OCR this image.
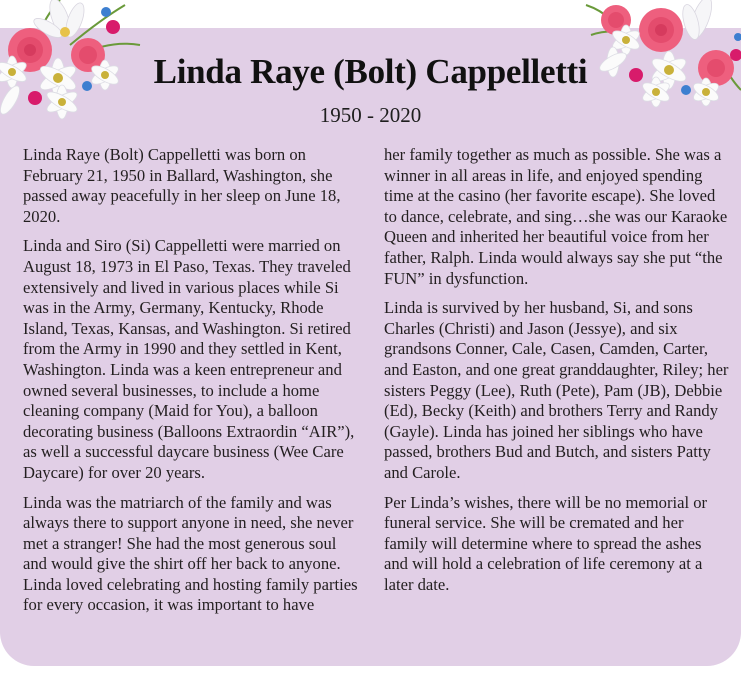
Linda Raye (Bolt) Cappelletti
1950 - 2020

Linda Raye (Bolt) Cappelletti was born on February 21, 1950 in Ballard, Washington, she passed away peacefully in her sleep on June 18, 2020.

Linda and Siro (Si) Cappelletti were married on August 18, 1973 in El Paso, Texas. They traveled extensively and lived in various places while Si was in the Army, Germany, Kentucky, Rhode Island, Texas, Kansas, and Washington. Si retired from the Army in 1990 and they settled in Kent, Washington. Linda was a keen entrepreneur and owned several businesses, to include a home cleaning company (Maid for You), a balloon decorating business (Balloons Extraordin “AIR”), as well a successful daycare business (Wee Care Daycare) for over 20 years.

Linda was the matriarch of the family and was always there to support anyone in need, she never met a stranger! She had the most generous soul and would give the shirt off her back to anyone. Linda loved celebrating and hosting family parties for every occasion, it was important to have

her family together as much as possible. She was a winner in all areas in life, and enjoyed spending time at the casino (her favorite escape). She loved to dance, celebrate, and sing…she was our Karaoke Queen and inherited her beautiful voice from her father, Ralph. Linda would always say she put “the FUN” in dysfunction.

Linda is survived by her husband, Si, and sons Charles (Christi) and Jason (Jessye), and six grandsons Conner, Cale, Casen, Camden, Carter, and Easton, and one great granddaughter, Riley; her sisters Peggy (Lee), Ruth (Pete), Pam (JB), Debbie (Ed), Becky (Keith) and brothers Terry and Randy (Gayle). Linda has joined her siblings who have passed, brothers Bud and Butch, and sisters Patty and Carole.

Per Linda’s wishes, there will be no memorial or funeral service. She will be cremated and her family will determine where to spread the ashes and will hold a celebration of life ceremony at a later date.
